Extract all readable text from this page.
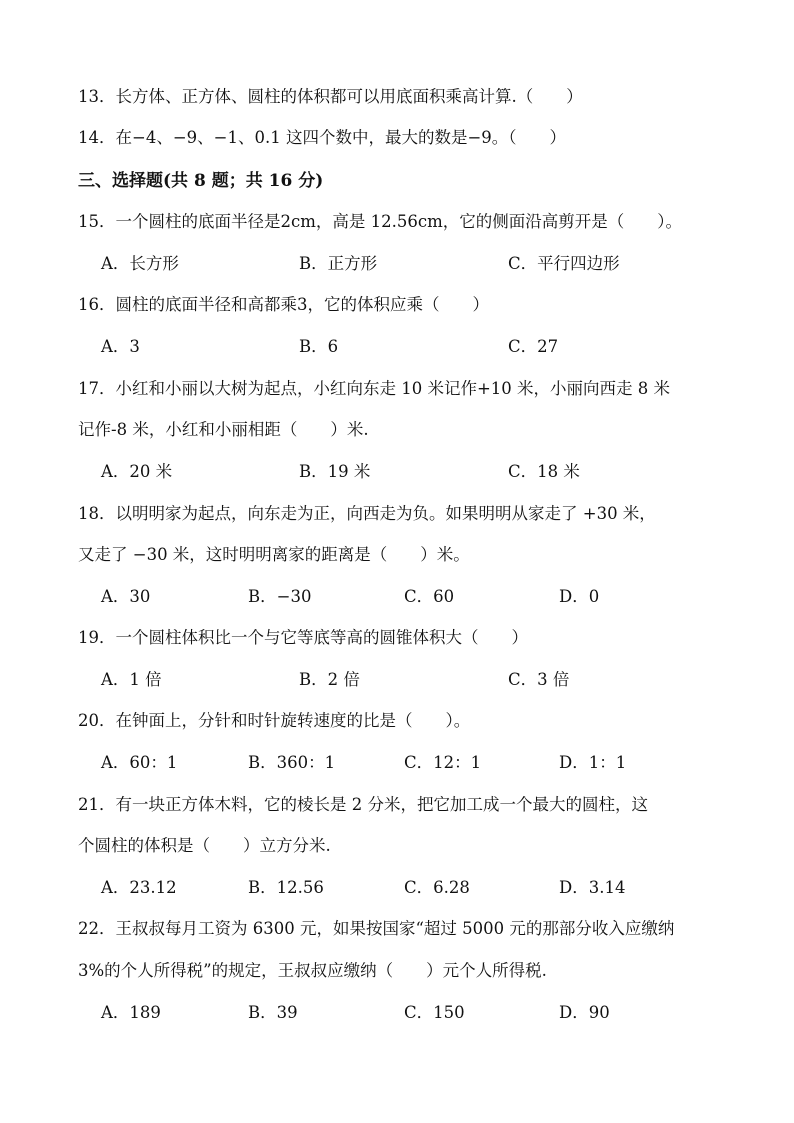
13．长方体、正方体、圆柱的体积都可以用底面积乘高计算.（　　）
14．在−4、−9、−1、0.1 这四个数中，最大的数是−9。（　　）
三、选择题(共 8 题；共 16 分)
15．一个圆柱的底面半径是2cm，高是 12.56cm，它的侧面沿高剪开是（　　）。
A．长方形	B．正方形	C．平行四边形
16．圆柱的底面半径和高都乘3，它的体积应乘（　　）
A．3	B．6	C．27
17．小红和小丽以大树为起点，小红向东走 10 米记作+10 米，小丽向西走 8 米
记作-8 米，小红和小丽相距（　　）米.
A．20 米	B．19 米	C．18 米
18．以明明家为起点，向东走为正，向西走为负。如果明明从家走了 +30 米，
又走了 −30 米，这时明明离家的距离是（　　）米。
A．30	B．−30	C．60	D．0
19．一个圆柱体积比一个与它等底等高的圆锥体积大（　　）
A．1 倍	B．2 倍	C．3 倍
20．在钟面上，分针和时针旋转速度的比是（　　）。
A．60：1	B．360：1	C．12：1	D．1：1
21．有一块正方体木料，它的棱长是 2 分米，把它加工成一个最大的圆柱，这
个圆柱的体积是（　　）立方分米.
A．23.12	B．12.56	C．6.28	D．3.14
22．王叔叔每月工资为 6300 元，如果按国家“超过 5000 元的那部分收入应缴纳
3%的个人所得税”的规定，王叔叔应缴纳（　　）元个人所得税.
A．189	B．39	C．150	D．90
